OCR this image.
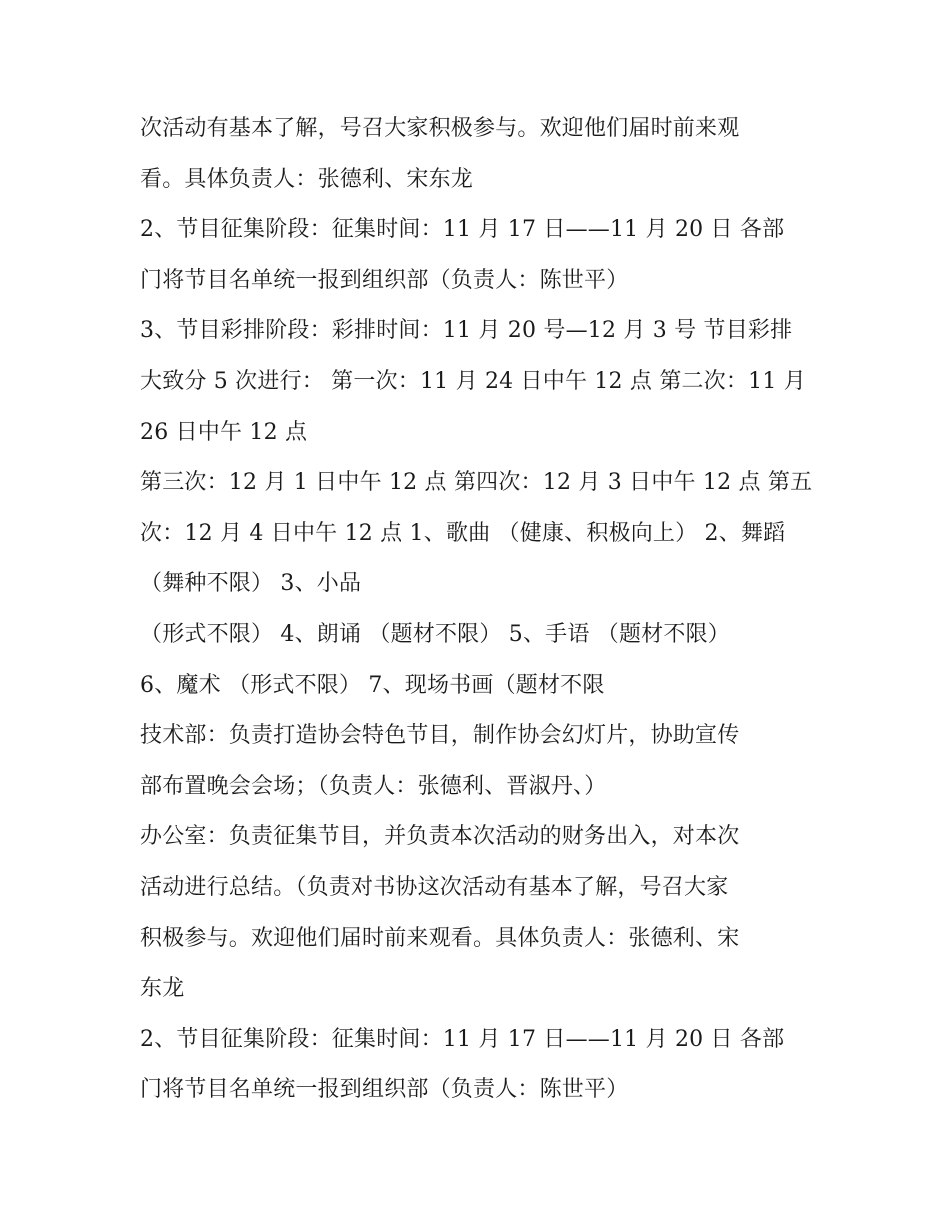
次活动有基本了解，号召大家积极参与。欢迎他们届时前来观
看。具体负责人：张德利、宋东龙
2、节目征集阶段：征集时间：11 月 17 日——11 月 20 日 各部
门将节目名单统一报到组织部（负责人：陈世平）
3、节目彩排阶段：彩排时间：11 月 20 号—12 月 3 号 节目彩排
大致分 5 次进行： 第一次：11 月 24 日中午 12 点 第二次：11 月
26 日中午 12 点
第三次：12 月 1 日中午 12 点 第四次：12 月 3 日中午 12 点 第五
次：12 月 4 日中午 12 点 1、歌曲 （健康、积极向上） 2、舞蹈
（舞种不限） 3、小品
（形式不限） 4、朗诵 （题材不限） 5、手语 （题材不限）
6、魔术 （形式不限） 7、现场书画（题材不限
技术部：负责打造协会特色节目，制作协会幻灯片，协助宣传
部布置晚会会场；（负责人：张德利、晋淑丹、）
办公室：负责征集节目，并负责本次活动的财务出入，对本次
活动进行总结。（负责对书协这次活动有基本了解，号召大家
积极参与。欢迎他们届时前来观看。具体负责人：张德利、宋
东龙
2、节目征集阶段：征集时间：11 月 17 日——11 月 20 日 各部
门将节目名单统一报到组织部（负责人：陈世平）
